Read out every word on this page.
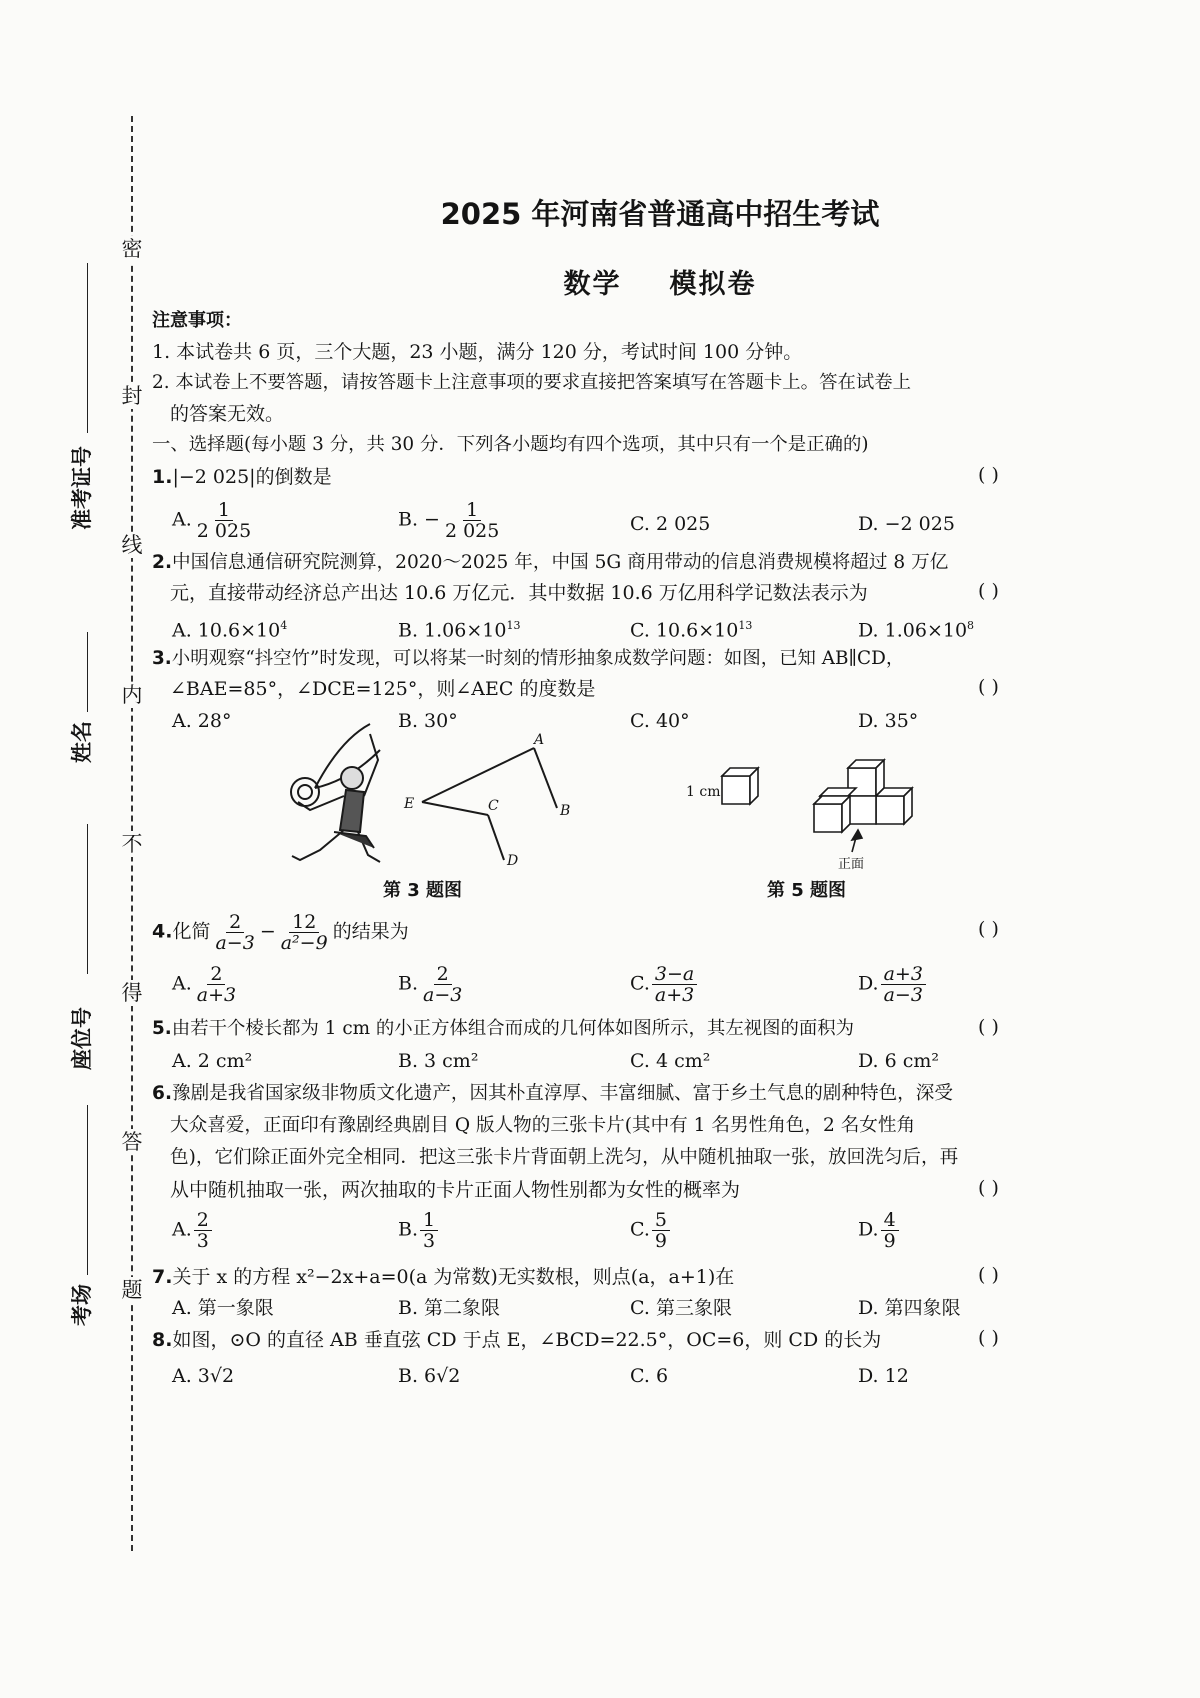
密
封
线
内
不
得
答
题
准考证号
姓名
座位号
考场
2025 年河南省普通高中招生考试
数学 模拟卷
注意事项：
1. 本试卷共 6 页，三个大题，23 小题，满分 120 分，考试时间 100 分钟。
2. 本试卷上不要答题，请按答题卡上注意事项的要求直接把答案填写在答题卡上。答在试卷上
的答案无效。
一、选择题(每小题 3 分，共 30 分．下列各小题均有四个选项，其中只有一个是正确的)
1.|−2 025|的倒数是	( )
A. $\frac{1}{2 025}$	B. − $\frac{1}{2 025}$	C. 2 025	D. −2 025
2.中国信息通信研究院测算，2020～2025 年，中国 5G 商用带动的信息消费规模将超过 8 万亿
元，直接带动经济总产出达 10.6 万亿元．其中数据 10.6 万亿用科学记数法表示为	( )
A. $10.6\times 10^4$	B. $1.06\times 10^{13}$	C. $10.6\times 10^{13}$	D. $1.06\times 10^8$
3.小明观察“抖空竹”时发现，可以将某一时刻的情形抽象成数学问题：如图，已知 AB∥CD，
∠BAE=85°，∠DCE=125°，则∠AEC 的度数是	( )
A. 28°	B. 30°	C. 40°	D. 35°
A
B
C
D
E
第 3 题图
1 cm
正面
第 5 题图
4.化简 $\frac{2}{a-3} - \frac{12}{\text{a²−9}}$ 的结果为	( )
A. $\frac{2}{a+3}$	B. $\frac{2}{a-3}$	C. $\frac{3-a}{a+3}$	D. $\frac{a+3}{a-3}$
5.由若干个棱长都为 1 cm 的小正方体组合而成的几何体如图所示，其左视图的面积为	( )
A. 2 cm²	B. 3 cm²	C. 4 cm²	D. 6 cm²
6.豫剧是我省国家级非物质文化遗产，因其朴直淳厚、丰富细腻、富于乡土气息的剧种特色，深受
大众喜爱，正面印有豫剧经典剧目 Q 版人物的三张卡片(其中有 1 名男性角色，2 名女性角
色)，它们除正面外完全相同．把这三张卡片背面朝上洗匀，从中随机抽取一张，放回洗匀后，再
从中随机抽取一张，两次抽取的卡片正面人物性别都为女性的概率为	( )
A. $\frac{2}{3}$	B. $\frac{1}{3}$	C. $\frac{5}{9}$	D. $\frac{4}{9}$
7.关于 x 的方程 x²−2x+a=0(a 为常数)无实数根，则点(a，a+1)在	( )
A. 第一象限	B. 第二象限	C. 第三象限	D. 第四象限
8.如图，⊙O 的直径 AB 垂直弦 CD 于点 E，∠BCD=22.5°，OC=6，则 CD 的长为	( )
A. 3√2	B. 6√2	C. 6	D. 12
